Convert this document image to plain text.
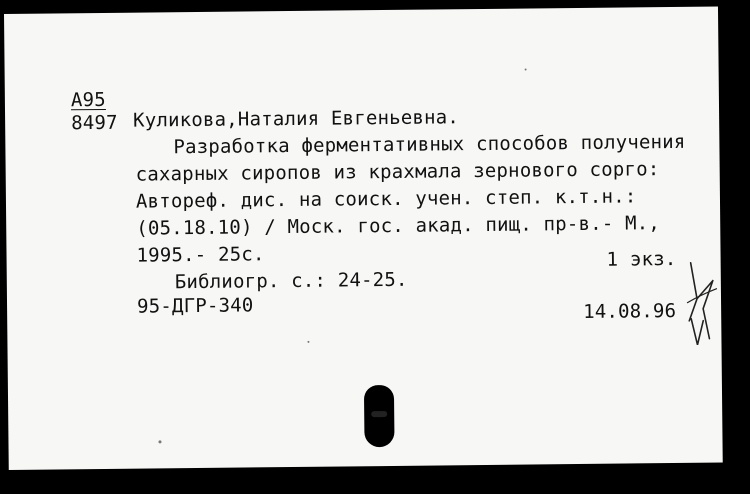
А95
8497 Куликова,Наталия Евгеньевна.
Разработка ферментативных способов получения
сахарных сиропов из крахмала зернового сорго:
Автореф. дис. на соиск. учен. степ. к.т.н.:
(05.18.10) / Моск. гос. акад. пищ. пр-в.- М.,
1995.- 25с.	1 экз.
Библиогр. с.: 24-25.
95-ДГР-340	14.08.96
